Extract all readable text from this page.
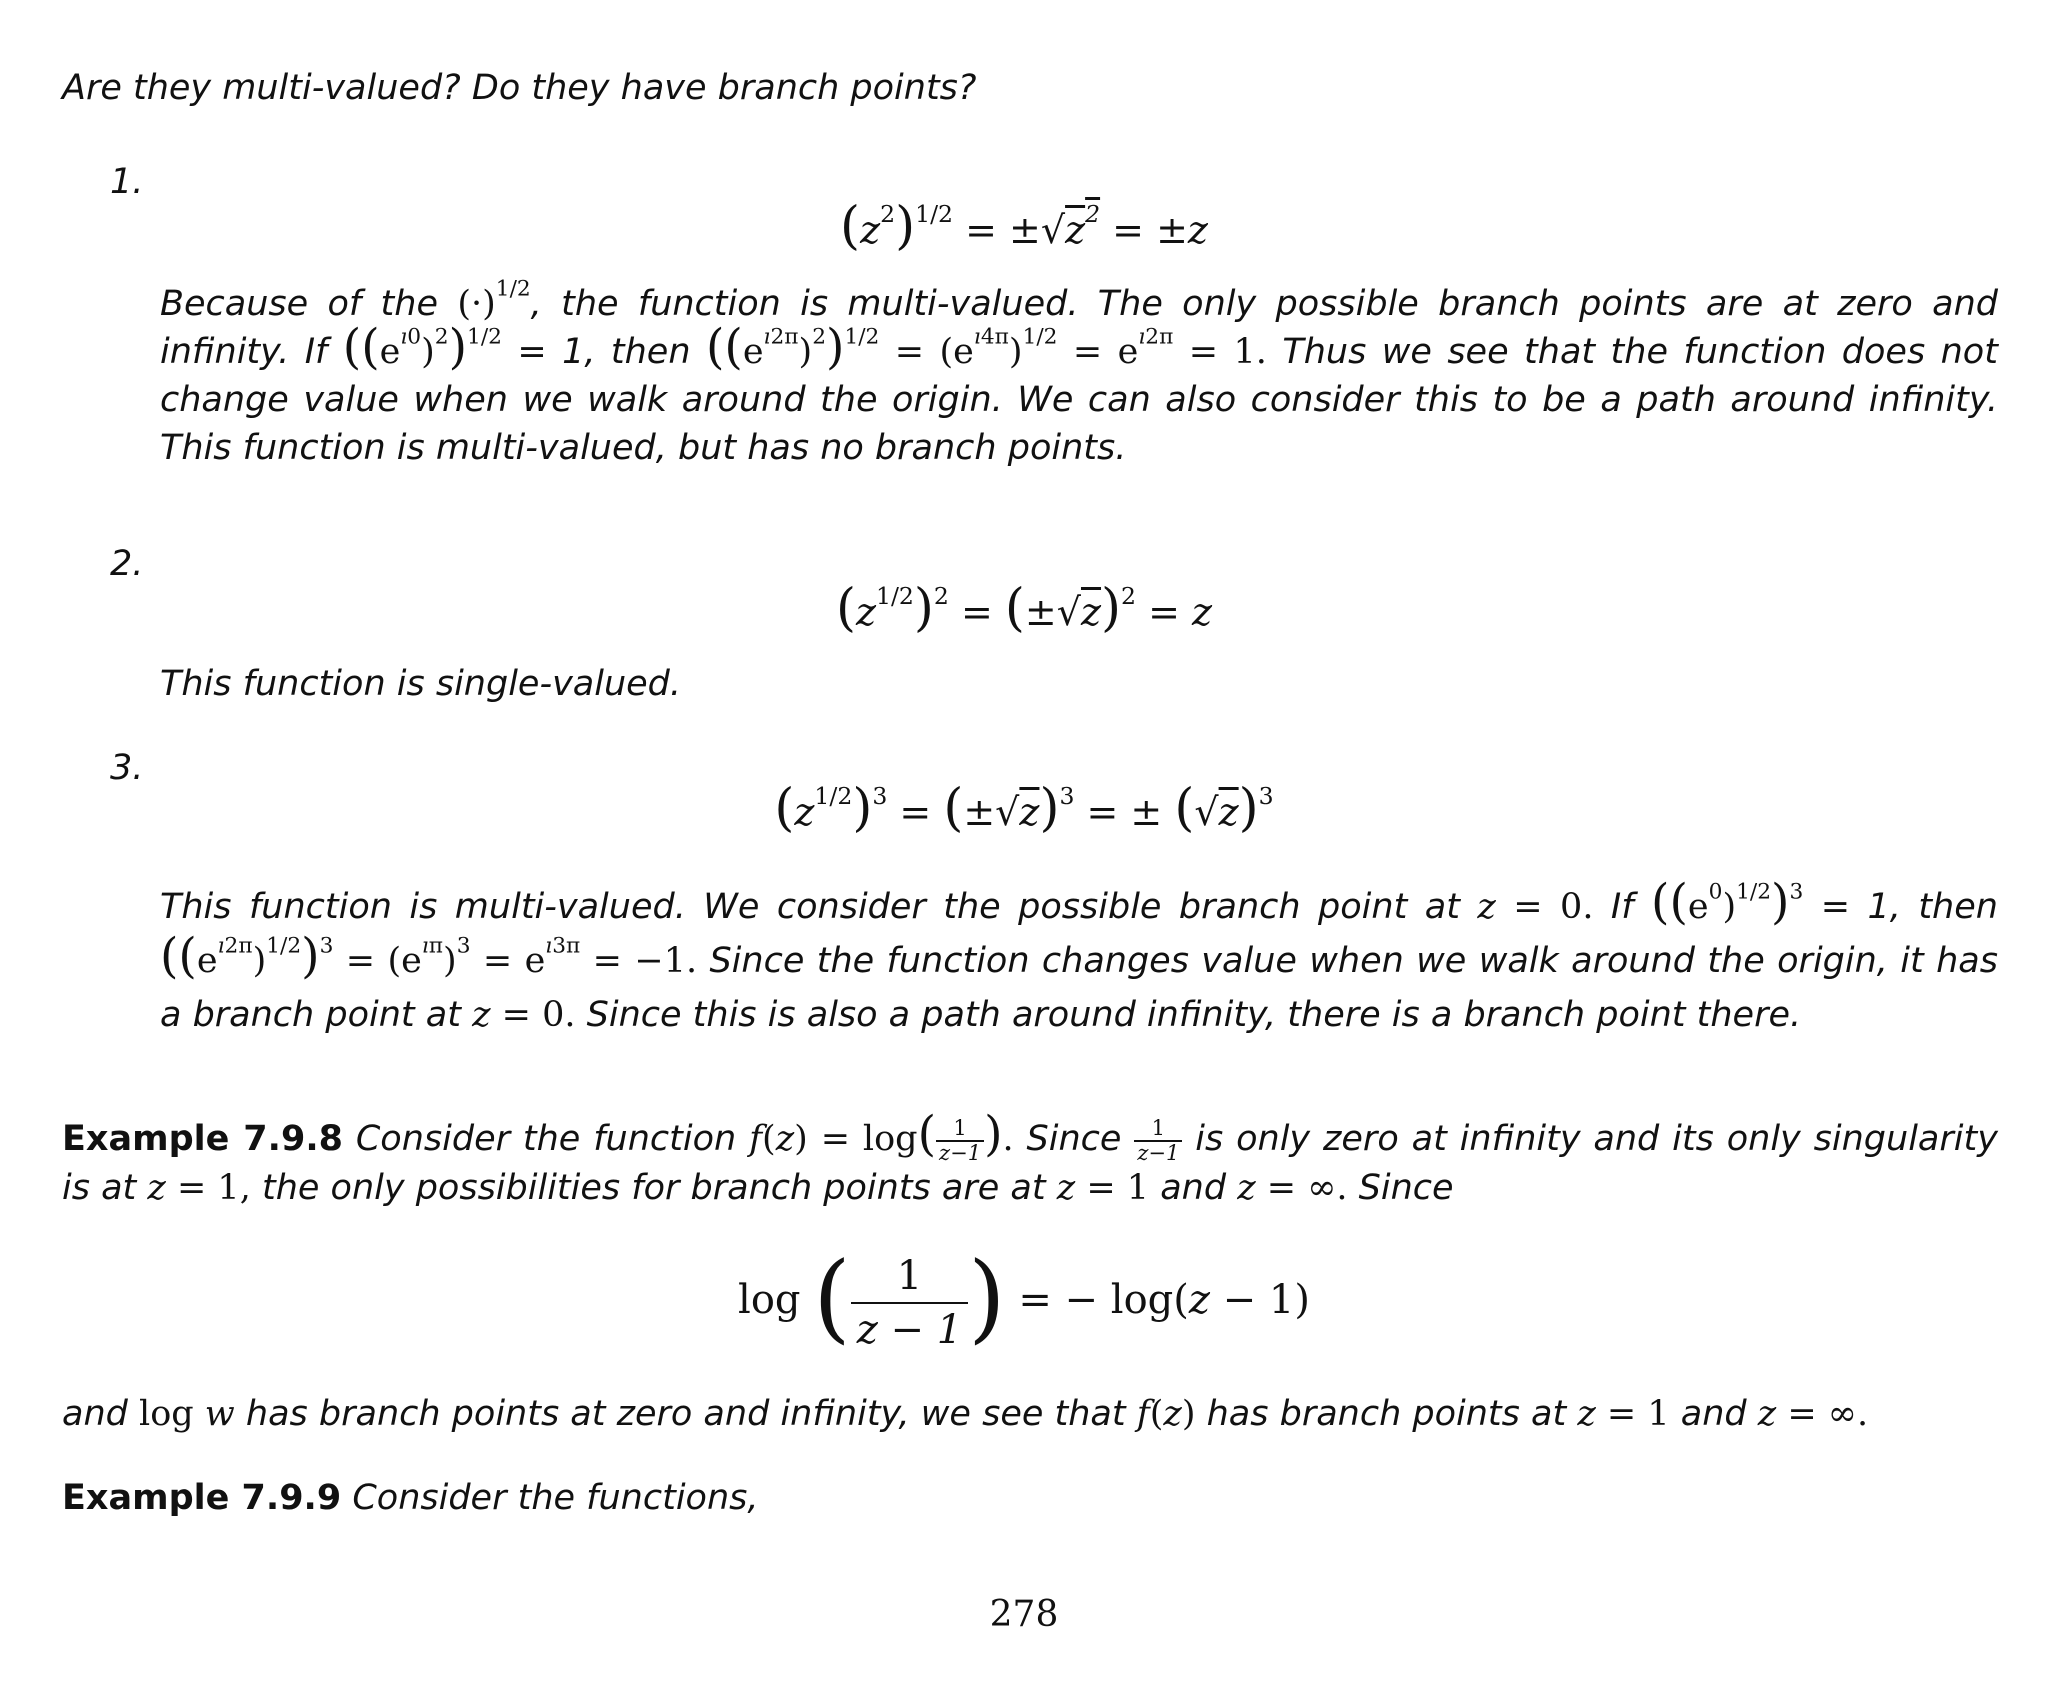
Are they multi-valued? Do they have branch points?
1.
$(z^2)^{1/2} = \pm√z^2 = \pm z$
Because of the $(\cdot)^{1/2}$, the function is multi-valued. The only possible branch points are at zero and infinity. If $((e^{ı0})^2)^{1/2} = 1$, then $((e^{ı2\pi})^2)^{1/2} = (e^{ı4\pi})^{1/2} = e^{ı2\pi} = 1$. Thus we see that the function does not change value when we walk around the origin. We can also consider this to be a path around infinity. This function is multi-valued, but has no branch points.
2.
$(z^{1/2})^2 = (\pm√z)^2 = z$
This function is single-valued.
3.
$(z^{1/2})^3 = (\pm√z)^3$ = ± $(√z)^3$
This function is multi-valued. We consider the possible branch point at z = 0. If $((e^0)^{1/2})^3 = 1$, then $((e^{ı2\pi})^{1/2})^3 = (e^{ı\pi})^3 = e^{ı3\pi} = -1$. Since the function changes value when we walk around the origin, it has a branch point at z = 0. Since this is also a path around infinity, there is a branch point there.
Example 7.9.8 Consider the function $f(z) = \log( \frac{1}{z-1}$ ). Since $\frac{1}{z-1}$ is only zero at infinity and its only singularity is at z = 1, the only possibilities for branch points are at z = 1 and z = ∞. Since
log ( $\frac{1}{z - 1}$ ) = − log(z − 1)
and log w has branch points at zero and infinity, we see that f(z) has branch points at z = 1 and z = ∞.
Example 7.9.9 Consider the functions,
278
